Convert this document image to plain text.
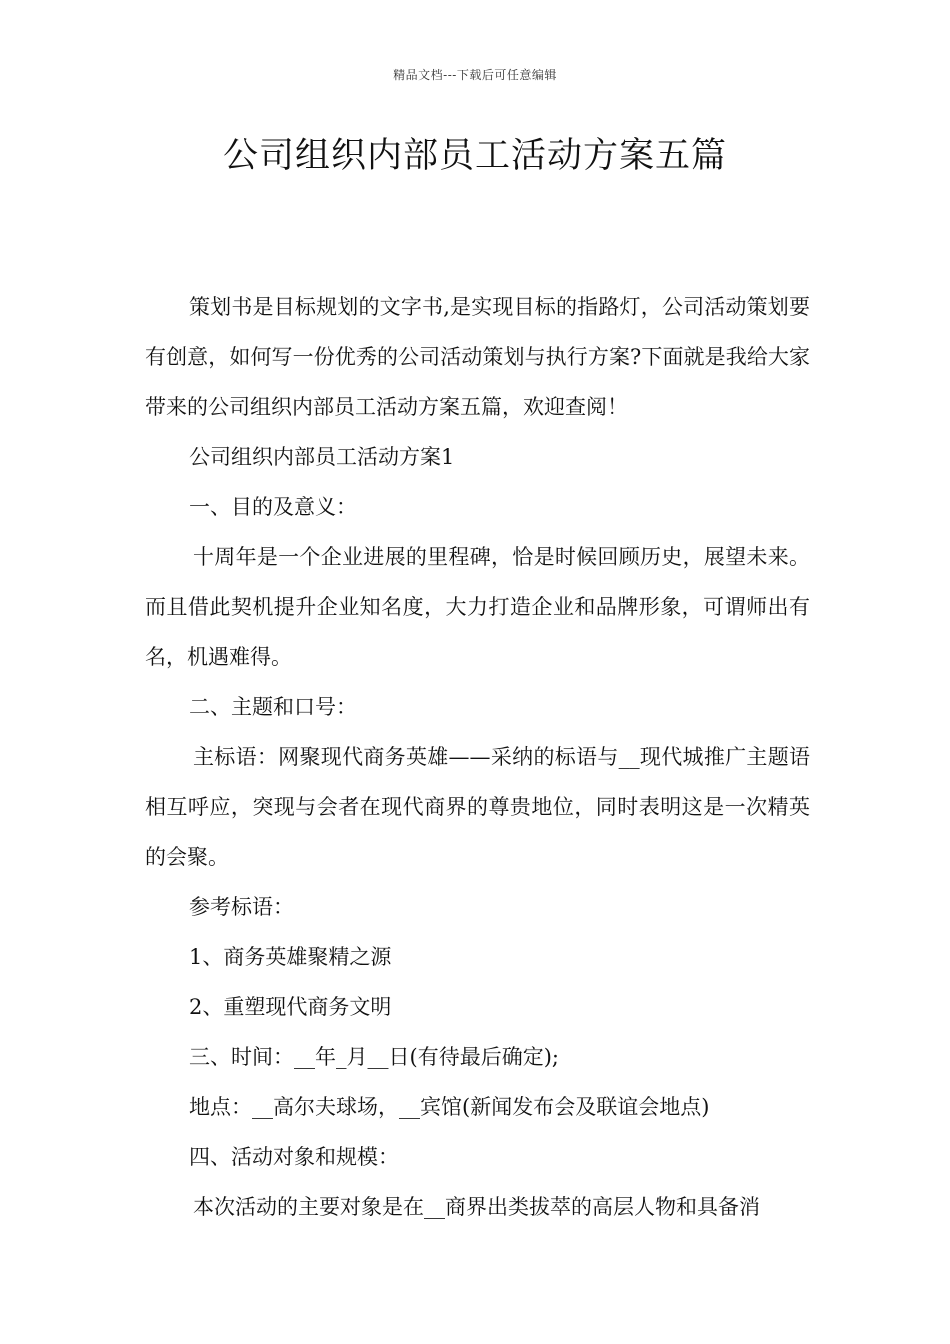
精品文档---下载后可任意编辑
公司组织内部员工活动方案五篇

策划书是目标规划的文字书,是实现目标的指路灯，公司活动策划要有创意，如何写一份优秀的公司活动策划与执行方案?下面就是我给大家带来的公司组织内部员工活动方案五篇，欢迎查阅！

公司组织内部员工活动方案1

一、目的及意义：

十周年是一个企业进展的里程碑，恰是时候回顾历史，展望未来。而且借此契机提升企业知名度，大力打造企业和品牌形象，可谓师出有名，机遇难得。

二、主题和口号：

主标语：网聚现代商务英雄——采纳的标语与__现代城推广主题语相互呼应，突现与会者在现代商界的尊贵地位，同时表明这是一次精英的会聚。

参考标语：

1、商务英雄聚精之源

2、重塑现代商务文明

三、时间：__年_月__日(有待最后确定);

地点：__高尔夫球场，__宾馆(新闻发布会及联谊会地点)

四、活动对象和规模：

本次活动的主要对象是在__商界出类拔萃的高层人物和具备消
